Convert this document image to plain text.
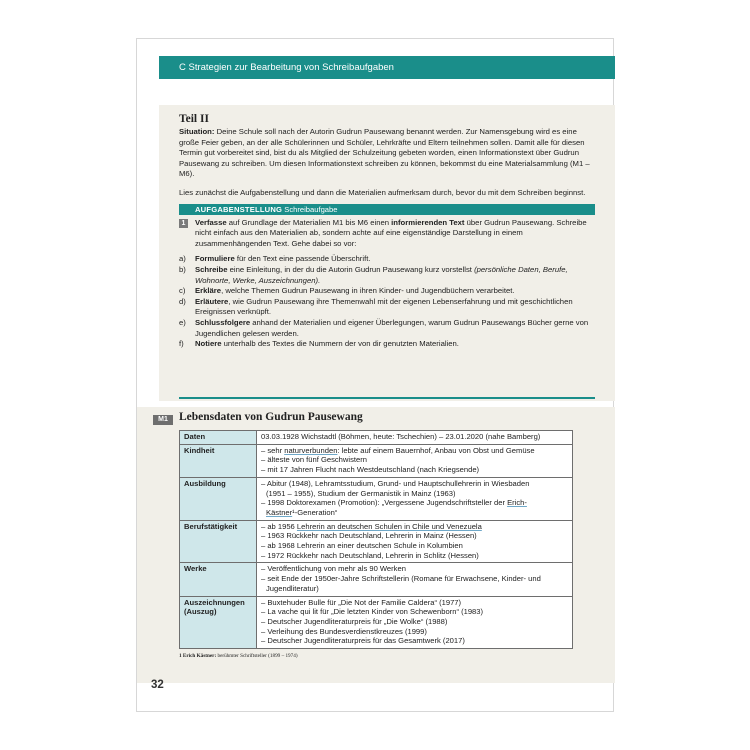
C Strategien zur Bearbeitung von Schreibaufgaben
Teil II

Situation: Deine Schule soll nach der Autorin Gudrun Pausewang benannt werden. Zur Namensgebung wird es eine große Feier geben, an der alle Schülerinnen und Schüler, Lehrkräfte und Eltern teilnehmen sollen. Damit alle für diesen Termin gut vorbereitet sind, bist du als Mitglied der Schulzeitung gebeten worden, einen Informationstext über Gudrun Pausewang zu schreiben. Um diesen Informationstext schreiben zu können, bekommst du eine Materialsammlung (M1 – M6).

Lies zunächst die Aufgabenstellung und dann die Materialien aufmerksam durch, bevor du mit dem Schreiben beginnst.

AUFGABENSTELLUNG Schreibaufgabe
1	Verfasse auf Grundlage der Materialien M1 bis M6 einen informierenden Text über Gudrun Pausewang. Schreibe nicht einfach aus den Materialien ab, sondern achte auf eine eigenständige Darstellung in einem zusammenhängenden Text. Gehe dabei so vor:
a) Formuliere für den Text eine passende Überschrift.
b) Schreibe eine Einleitung, in der du die Autorin Gudrun Pausewang kurz vorstellst (persönliche Daten, Berufe, Wohnorte, Werke, Auszeichnungen).
c) Erkläre, welche Themen Gudrun Pausewang in ihren Kinder- und Jugendbüchern verarbeitet.
d) Erläutere, wie Gudrun Pausewang ihre Themenwahl mit der eigenen Lebenserfahrung und mit geschichtlichen Ereignissen verknüpft.
e) Schlussfolgere anhand der Materialien und eigener Überlegungen, warum Gudrun Pausewangs Bücher gerne von Jugendlichen gelesen werden.
f) Notiere unterhalb des Textes die Nummern der von dir genutzten Materialien.
M1 Lebensdaten von Gudrun Pausewang
Daten	03.03.1928 Wichstadtl (Böhmen, heute: Tschechien) – 23.01.2020 (nahe Bamberg)
Kindheit	– sehr naturverbunden: lebte auf einem Bauernhof, Anbau von Obst und Gemüse
– älteste von fünf Geschwistern
– mit 17 Jahren Flucht nach Westdeutschland (nach Kriegsende)

Ausbildung	– Abitur (1948), Lehramtsstudium, Grund- und Hauptschullehrerin in Wiesbaden
(1951 – 1955), Studium der Germanistik in Mainz (1963)
– 1998 Doktorexamen (Promotion): „Vergessene Jugendschriftsteller der Erich-
Kästner¹-Generation“

Berufstätigkeit	– ab 1956 Lehrerin an deutschen Schulen in Chile und Venezuela
– 1963 Rückkehr nach Deutschland, Lehrerin in Mainz (Hessen)
– ab 1968 Lehrerin an einer deutschen Schule in Kolumbien
– 1972 Rückkehr nach Deutschland, Lehrerin in Schlitz (Hessen)

Werke	– Veröffentlichung von mehr als 90 Werken
– seit Ende der 1950er-Jahre Schriftstellerin (Romane für Erwachsene, Kinder- und
Jugendliteratur)

Auszeichnungen (Auszug)	– Buxtehuder Bulle für „Die Not der Familie Caldera“ (1977)
– La vache qui lit für „Die letzten Kinder von Schewenborn“ (1983)
– Deutscher Jugendliteraturpreis für „Die Wolke“ (1988)
– Verleihung des Bundesverdienstkreuzes (1999)
– Deutscher Jugendliteraturpreis für das Gesamtwerk (2017)
1 Erich Kästner: berühmter Schriftsteller (1899 – 1974)
32
